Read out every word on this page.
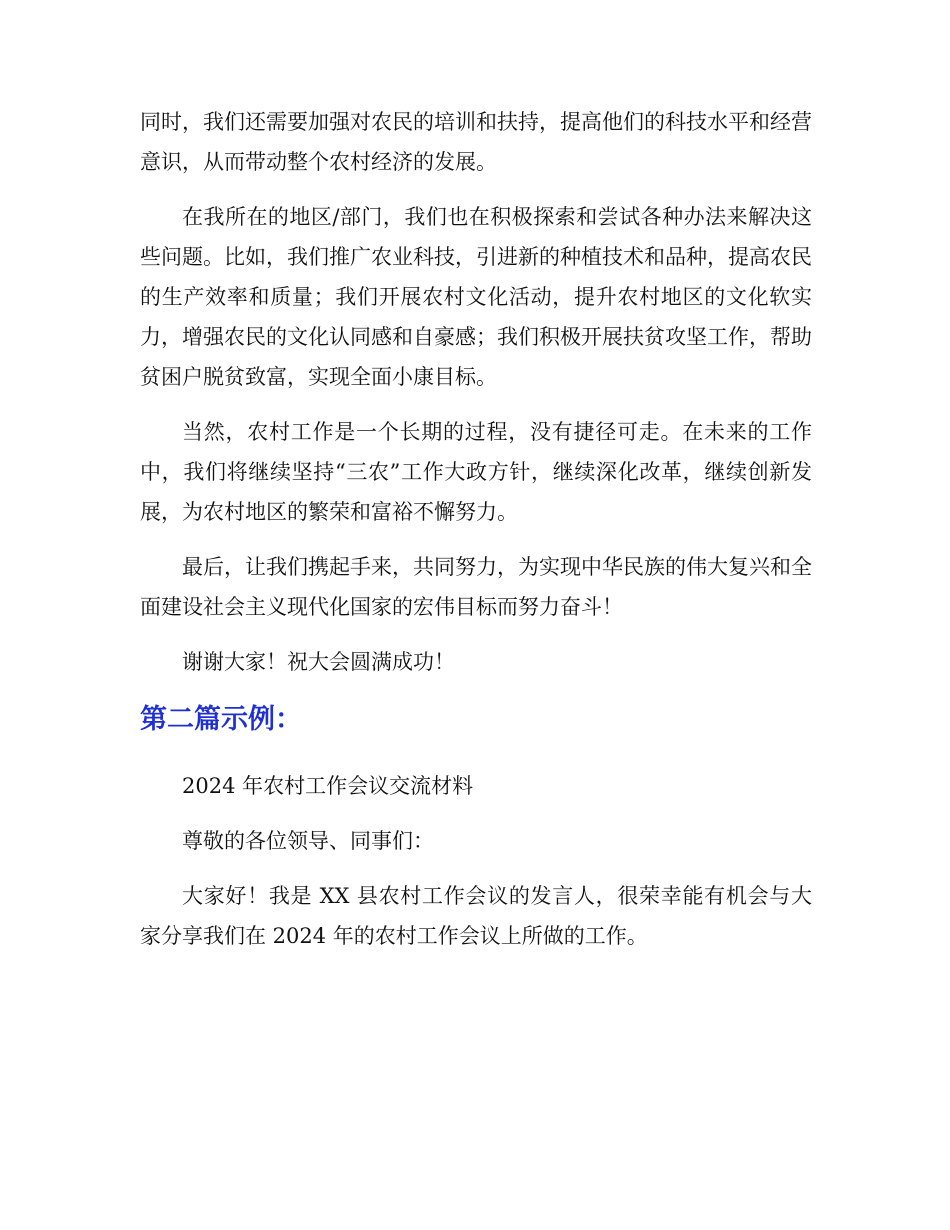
同时，我们还需要加强对农民的培训和扶持，提高他们的科技水平和经营意识，从而带动整个农村经济的发展。

在我所在的地区/部门，我们也在积极探索和尝试各种办法来解决这些问题。比如，我们推广农业科技，引进新的种植技术和品种，提高农民的生产效率和质量；我们开展农村文化活动，提升农村地区的文化软实力，增强农民的文化认同感和自豪感；我们积极开展扶贫攻坚工作，帮助贫困户脱贫致富，实现全面小康目标。

当然，农村工作是一个长期的过程，没有捷径可走。在未来的工作中，我们将继续坚持“三农”工作大政方针，继续深化改革，继续创新发展，为农村地区的繁荣和富裕不懈努力。

最后，让我们携起手来，共同努力，为实现中华民族的伟大复兴和全面建设社会主义现代化国家的宏伟目标而努力奋斗！

谢谢大家！祝大会圆满成功！

第二篇示例：

2024 年农村工作会议交流材料

尊敬的各位领导、同事们：

大家好！我是 XX 县农村工作会议的发言人，很荣幸能有机会与大家分享我们在 2024 年的农村工作会议上所做的工作。
